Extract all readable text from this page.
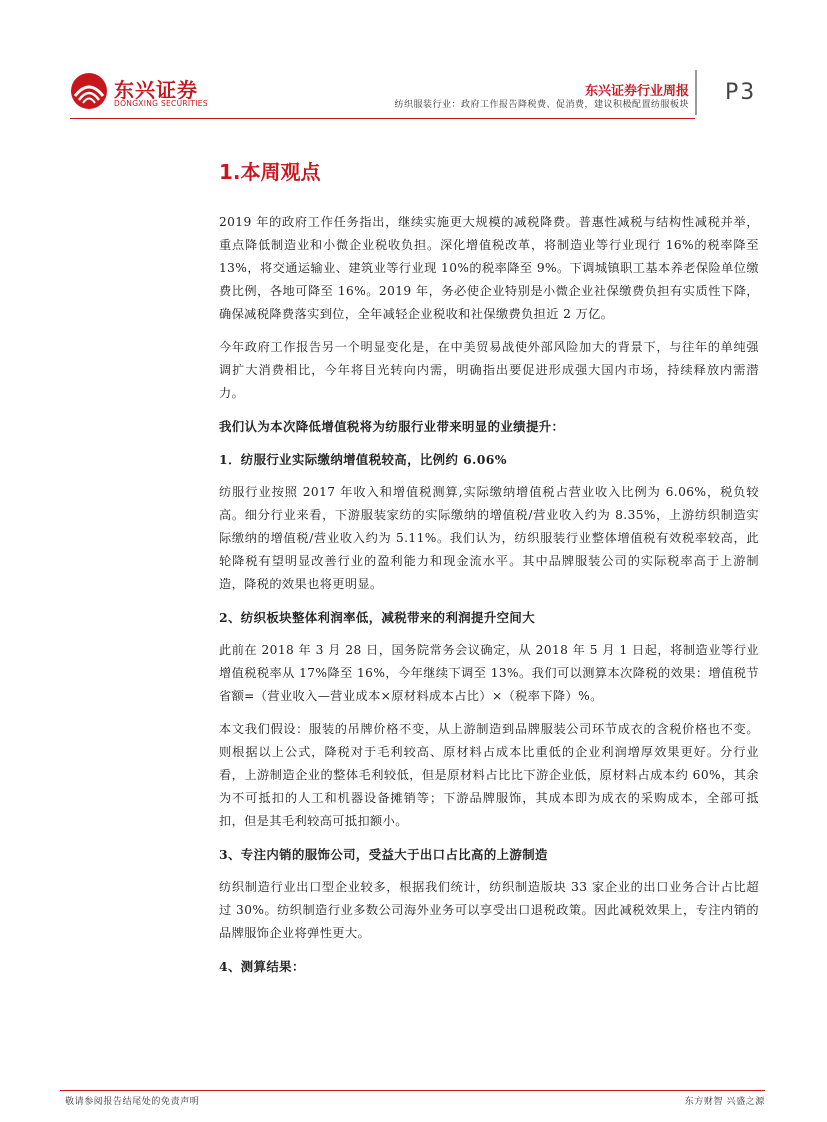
东兴证券
DONGXING SECURITIES
东兴证券行业周报
纺织服装行业：政府工作报告降税费、促消费，建议积极配置纺服板块 P3
1.本周观点

2019 年的政府工作任务指出，继续实施更大规模的减税降费。普惠性减税与结构性减税并举，重点降低制造业和小微企业税收负担。深化增值税改革，将制造业等行业现行 16%的税率降至 13%，将交通运输业、建筑业等行业现 10%的税率降至 9%。下调城镇职工基本养老保险单位缴费比例，各地可降至 16%。2019 年，务必使企业特别是小微企业社保缴费负担有实质性下降，确保减税降费落实到位，全年减轻企业税收和社保缴费负担近 2 万亿。

今年政府工作报告另一个明显变化是，在中美贸易战使外部风险加大的背景下，与往年的单纯强调扩大消费相比，今年将目光转向内需，明确指出要促进形成强大国内市场，持续释放内需潜力。

我们认为本次降低增值税将为纺服行业带来明显的业绩提升：

1．纺服行业实际缴纳增值税较高，比例约 6.06%

纺服行业按照 2017 年收入和增值税测算,实际缴纳增值税占营业收入比例为 6.06%，税负较高。细分行业来看，下游服装家纺的实际缴纳的增值税/营业收入约为 8.35%，上游纺织制造实际缴纳的增值税/营业收入约为 5.11%。我们认为，纺织服装行业整体增值税有效税率较高，此轮降税有望明显改善行业的盈利能力和现金流水平。其中品牌服装公司的实际税率高于上游制造，降税的效果也将更明显。

2、纺织板块整体利润率低，减税带来的利润提升空间大

此前在 2018 年 3 月 28 日，国务院常务会议确定，从 2018 年 5 月 1 日起，将制造业等行业增值税税率从 17%降至 16%，今年继续下调至 13%。我们可以测算本次降税的效果：增值税节省额=（营业收入—营业成本×原材料成本占比）×（税率下降）%。

本文我们假设：服装的吊牌价格不变，从上游制造到品牌服装公司环节成衣的含税价格也不变。则根据以上公式，降税对于毛利较高、原材料占成本比重低的企业利润增厚效果更好。分行业看，上游制造企业的整体毛利较低，但是原材料占比比下游企业低，原材料占成本约 60%，其余为不可抵扣的人工和机器设备摊销等；下游品牌服饰，其成本即为成衣的采购成本，全部可抵扣，但是其毛利较高可抵扣额小。

3、专注内销的服饰公司，受益大于出口占比高的上游制造

纺织制造行业出口型企业较多，根据我们统计，纺织制造版块 33 家企业的出口业务合计占比超过 30%。纺织制造行业多数公司海外业务可以享受出口退税政策。因此减税效果上，专注内销的品牌服饰企业将弹性更大。

4、测算结果：

敬请参阅报告结尾处的免责声明	东方财智 兴盛之源
